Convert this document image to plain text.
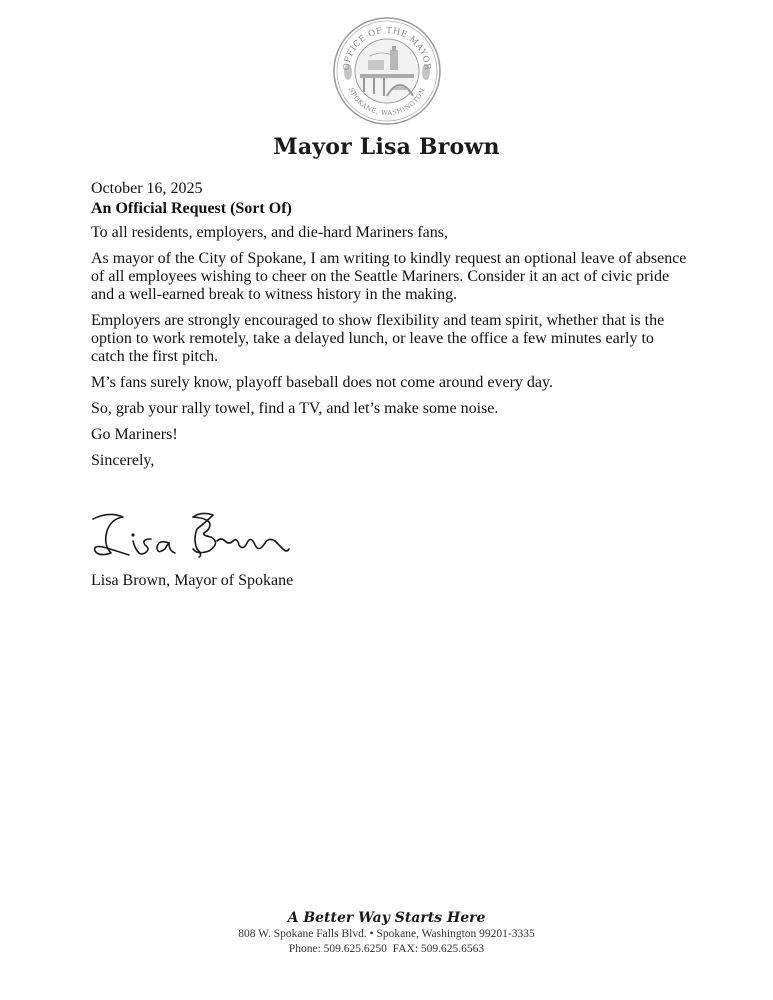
OFFICE OF THE MAYOR
SPOKANE, WASHINGTON
Mayor Lisa Brown

October 16, 2025

An Official Request (Sort Of)

To all residents, employers, and die-hard Mariners fans,

As mayor of the City of Spokane, I am writing to kindly request an optional leave of absence of all employees wishing to cheer on the Seattle Mariners. Consider it an act of civic pride and a well-earned break to witness history in the making.

Employers are strongly encouraged to show flexibility and team spirit, whether that is the option to work remotely, take a delayed lunch, or leave the office a few minutes early to catch the first pitch.

M’s fans surely know, playoff baseball does not come around every day.

So, grab your rally towel, find a TV, and let’s make some noise.

Go Mariners!

Sincerely,

Lisa Brown, Mayor of Spokane
A Better Way Starts Here
808 W. Spokane Falls Blvd. • Spokane, Washington 99201-3335
Phone: 509.625.6250  FAX: 509.625.6563
